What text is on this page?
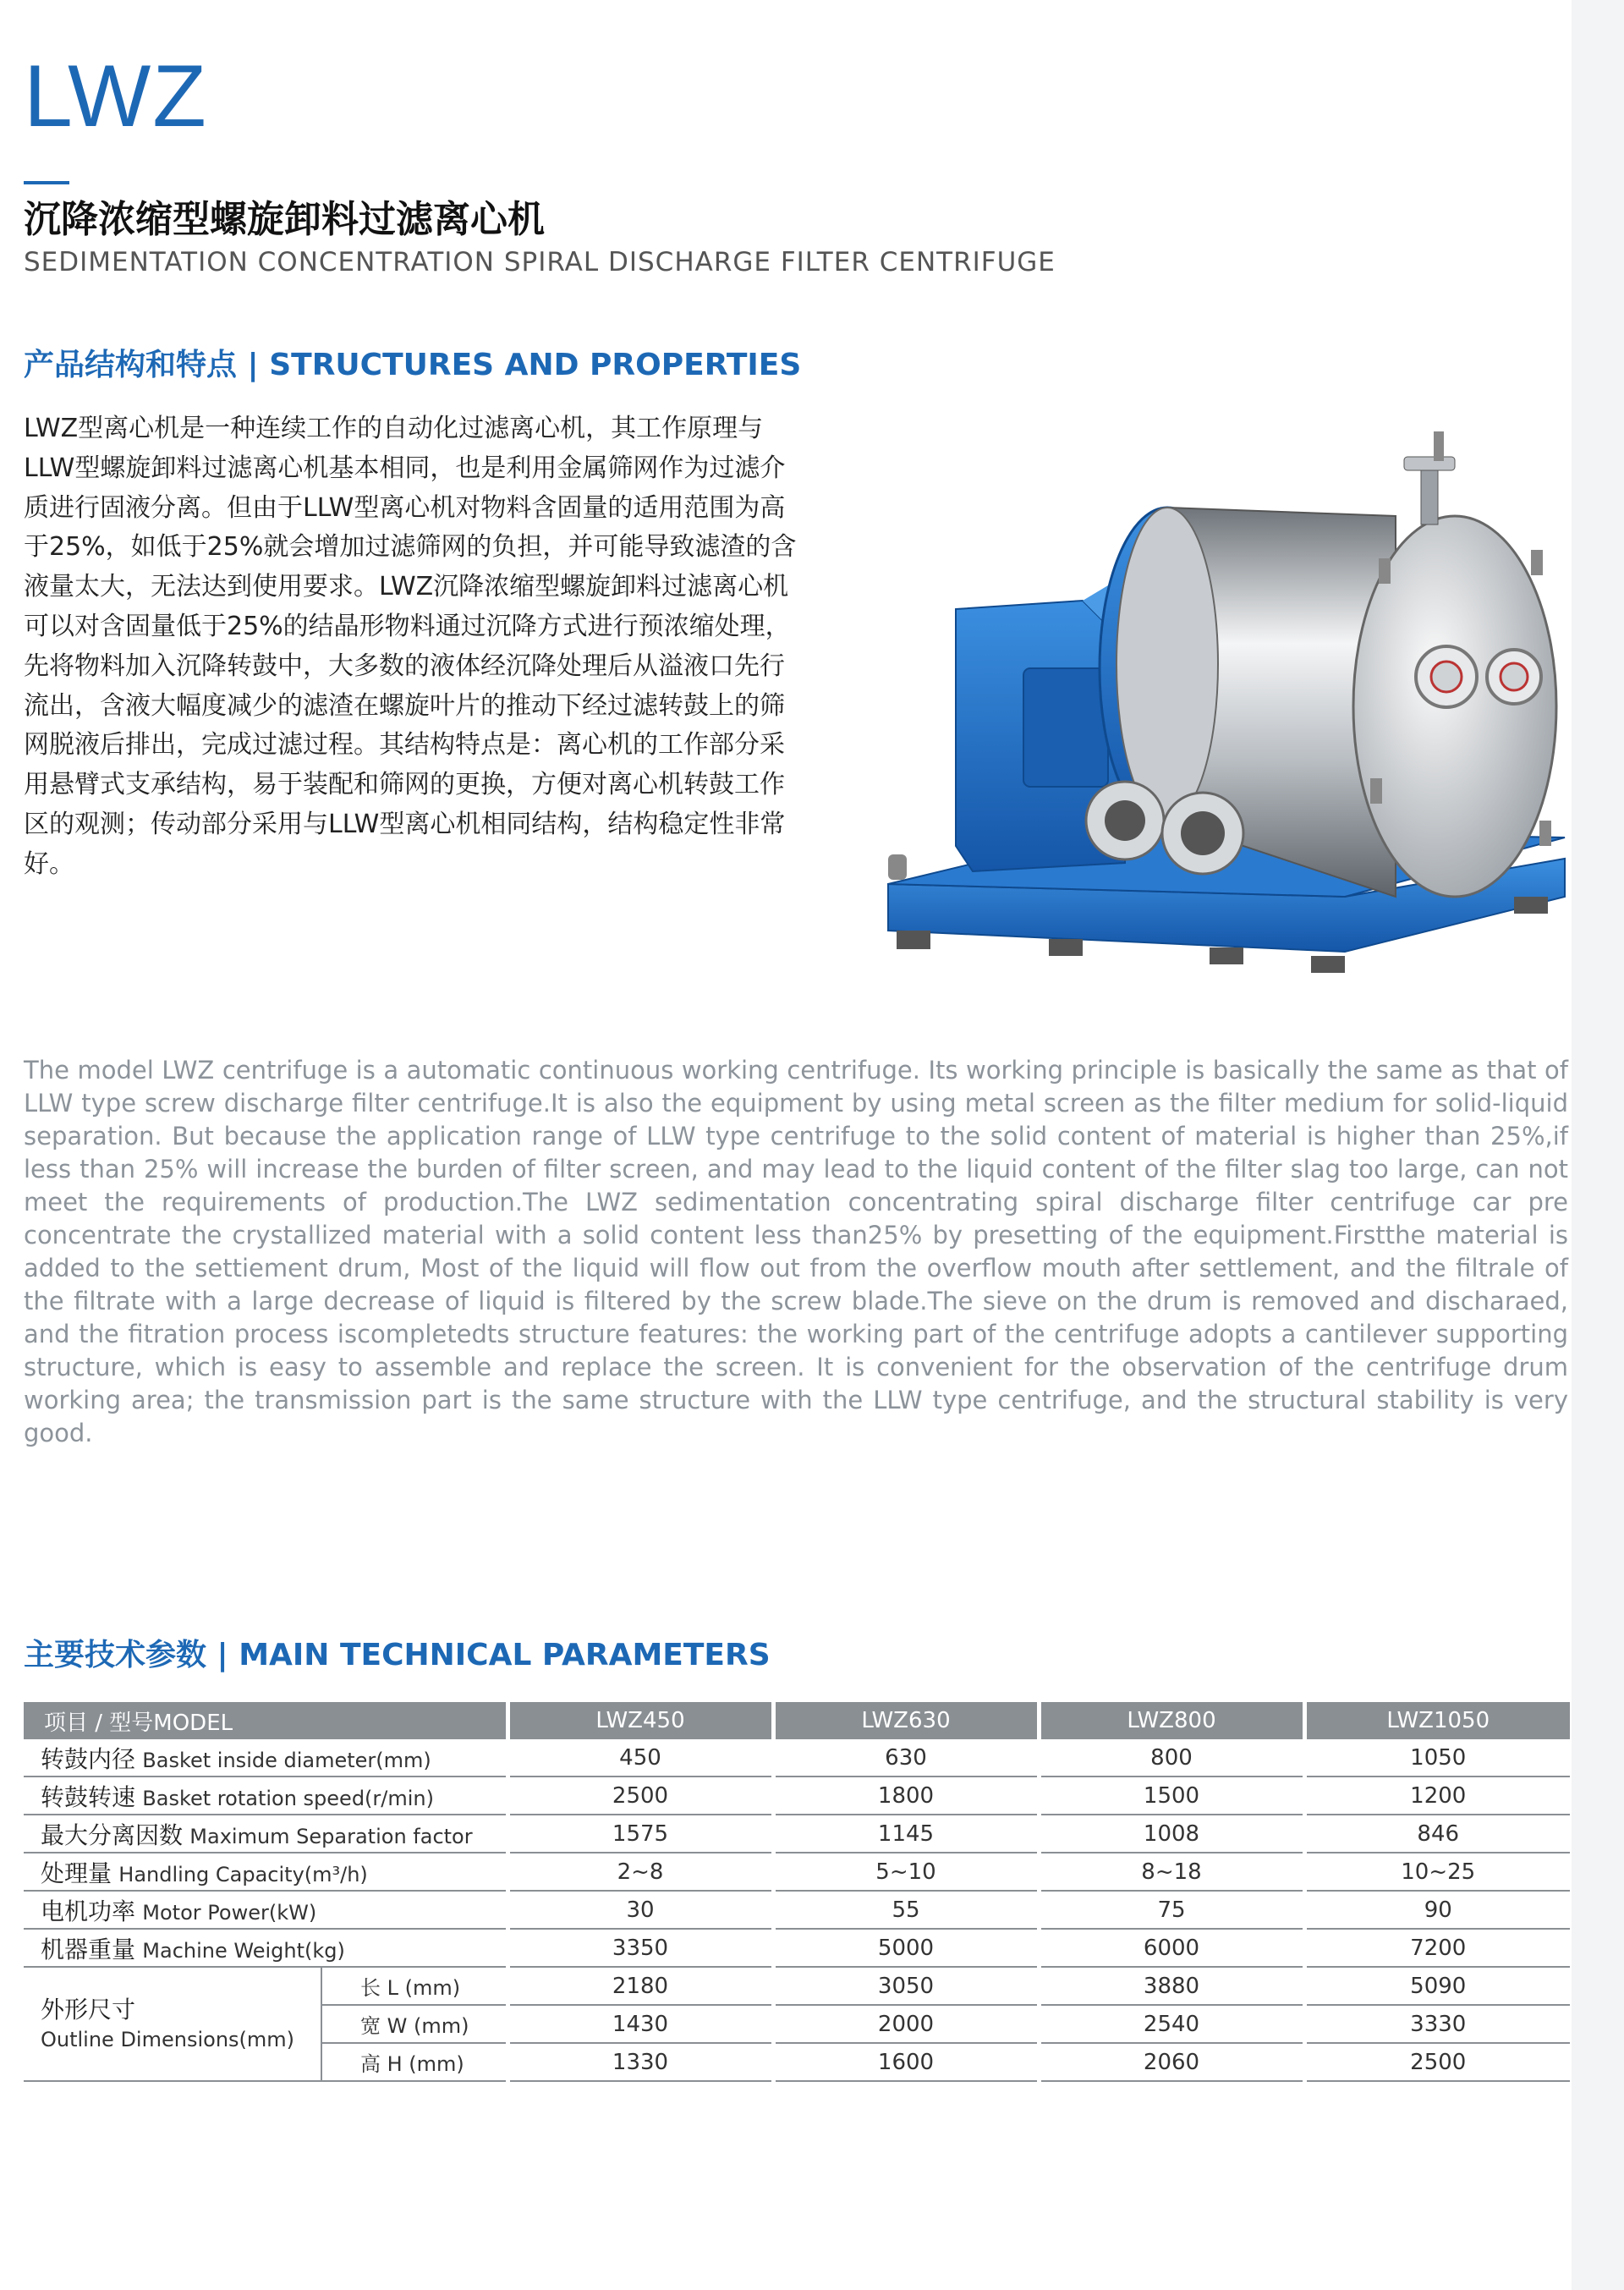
LWZ
沉降浓缩型螺旋卸料过滤离心机
SEDIMENTATION CONCENTRATION SPIRAL DISCHARGE FILTER CENTRIFUGE
产品结构和特点 | STRUCTURES AND PROPERTIES

LWZ型离心机是一种连续工作的自动化过滤离心机，其工作原理与LLW型螺旋卸料过滤离心机基本相同，也是利用金属筛网作为过滤介质进行固液分离。但由于LLW型离心机对物料含固量的适用范围为高于25%，如低于25%就会增加过滤筛网的负担，并可能导致滤渣的含液量太大，无法达到使用要求。LWZ沉降浓缩型螺旋卸料过滤离心机可以对含固量低于25%的结晶形物料通过沉降方式进行预浓缩处理，先将物料加入沉降转鼓中，大多数的液体经沉降处理后从溢液口先行流出，含液大幅度减少的滤渣在螺旋叶片的推动下经过滤转鼓上的筛网脱液后排出，完成过滤过程。其结构特点是：离心机的工作部分采用悬臂式支承结构，易于装配和筛网的更换，方便对离心机转鼓工作区的观测；传动部分采用与LLW型离心机相同结构，结构稳定性非常好。

The model LWZ centrifuge is a automatic continuous working centrifuge. Its working principle is basically the same as that of LLW type screw discharge filter centrifuge.It is also the equipment by using metal screen as the filter medium for solid-liquid separation. But because the application range of LLW type centrifuge to the solid content of material is higher than 25%,if less than 25% will increase the burden of filter screen, and may lead to the liquid content of the filter slag too large, can not meet the requirements of production.The LWZ sedimentation concentrating spiral discharge filter centrifuge car pre concentrate the crystallized material with a solid content less than25% by presetting of the equipment.Firstthe material is added to the settiement drum, Most of the liquid will flow out from the overflow mouth after settlement, and the filtrale of the filtrate with a large decrease of liquid is filtered by the screw blade.The sieve on the drum is removed and discharaed, and the fitration process iscompletedts structure features: the working part of the centrifuge adopts a cantilever supporting structure, which is easy to assemble and replace the screen. It is convenient for the observation of the centrifuge drum working area; the transmission part is the same structure with the LLW type centrifuge, and the structural stability is very good.

主要技术参数 | MAIN TECHNICAL PARAMETERS
项目 / 型号MODEL		LWZ450	LWZ630	LWZ800	LWZ1050
转鼓内径 Basket inside diameter(mm)		450	630	800	1050
转鼓转速 Basket rotation speed(r/min)		2500	1800	1500	1200
最大分离因数 Maximum Separation factor		1575	1145	1008	846
处理量 Handling Capacity(m³/h)		2~8	5~10	8~18	10~25
电机功率 Motor Power(kW)		30	55	75	90
机器重量 Machine Weight(kg)		3350	5000	6000	7200

外形尺寸
Outline Dimensions(mm)	长 L (mm)	2180	3050	3880	5090
	宽 W (mm)	1430	2000	2540	3330
	高 H (mm)	1330	1600	2060	2500
